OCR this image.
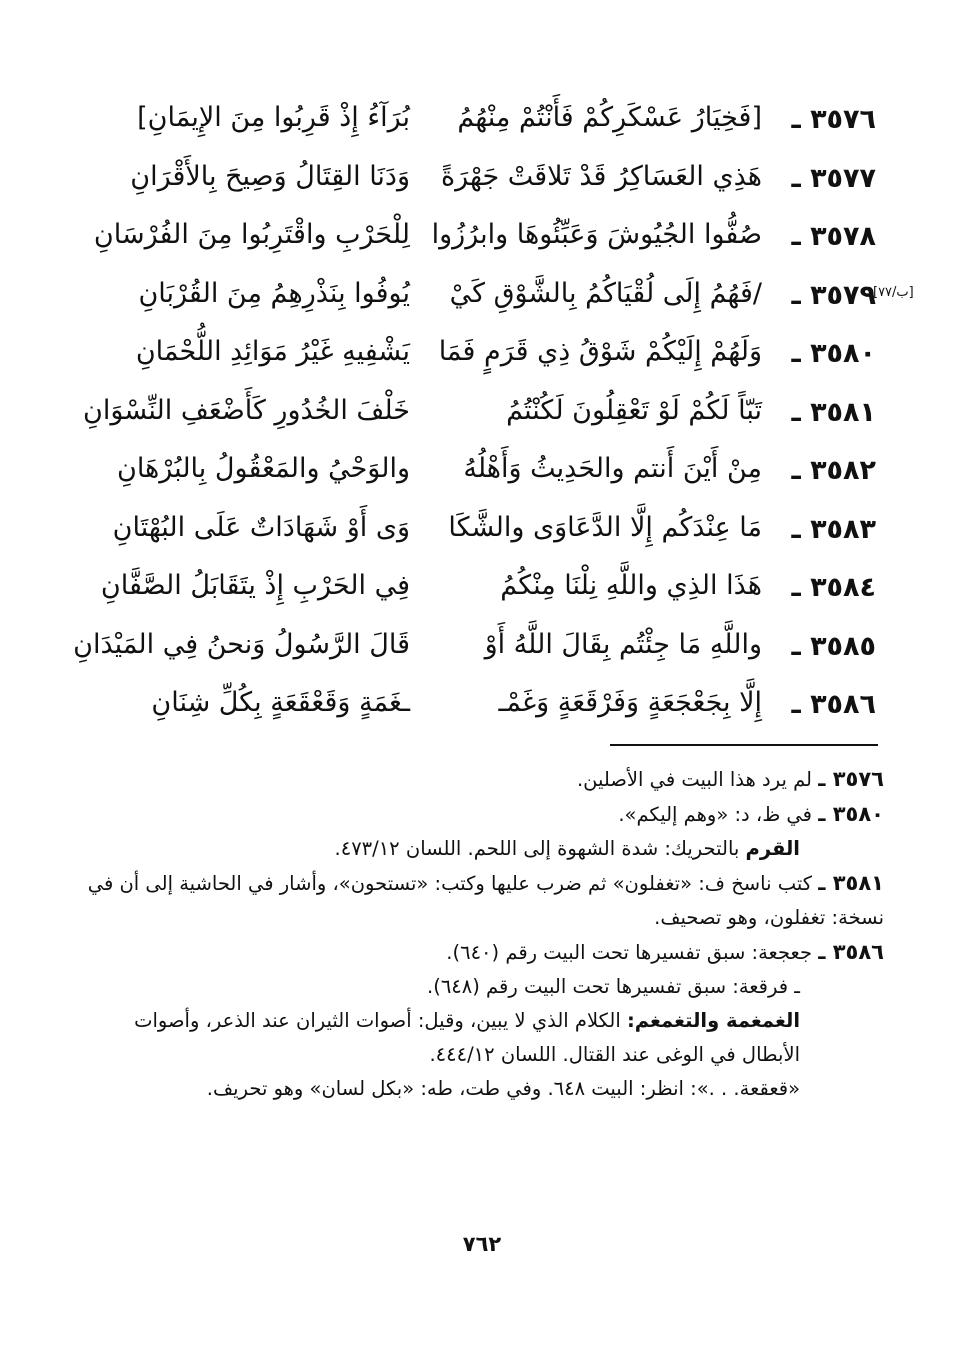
[۷۷/ب]
٣٥٧٦ ـ
[فَخِيَارُ عَسْكَرِكُمْ فَأَنْتُمْ مِنْهُمُ
بُرَآءُ إِذْ قَرِبُوا مِنَ الإِيمَانِ]
٣٥٧٧ ـ
هَذِي العَسَاكِرُ قَدْ تَلاقَتْ جَهْرَةً
وَدَنَا القِتَالُ وَصِيحَ بِالأَقْرَانِ
٣٥٧٨ ـ
صُفُّوا الجُيُوشَ وَعَبِّئُوهَا وابرُزُوا
لِلْحَرْبِ واقْتَرِبُوا مِنَ الفُرْسَانِ
٣٥٧٩ ـ
/فَهُمُ إِلَى لُقْيَاكُمُ بِالشَّوْقِ كَيْ
يُوفُوا بِنَذْرِهِمُ مِنَ القُرْبَانِ
٣٥٨٠ ـ
وَلَهُمْ إِلَيْكُمْ شَوْقُ ذِي قَرَمٍ فَمَا
يَشْفِيهِ غَيْرُ مَوَائِدِ اللُّحْمَانِ
٣٥٨١ ـ
تَبّاً لَكُمْ لَوْ تَعْقِلُونَ لَكُنْتُمُ
خَلْفَ الخُدُورِ كَأَضْعَفِ النِّسْوَانِ
٣٥٨٢ ـ
مِنْ أَيْنَ أَنتم والحَدِيثُ وَأَهْلُهُ
والوَحْيُ والمَعْقُولُ بِالبُرْهَانِ
٣٥٨٣ ـ
مَا عِنْدَكُم إِلَّا الدَّعَاوَى والشَّكَا
وَى أَوْ شَهَادَاتٌ عَلَى البُهْتَانِ
٣٥٨٤ ـ
هَذَا الذِي واللَّهِ نِلْنَا مِنْكُمُ
فِي الحَرْبِ إِذْ يتَقَابَلُ الصَّفَّانِ
٣٥٨٥ ـ
واللَّهِ مَا جِئْتُم بِقَالَ اللَّهُ أَوْ
قَالَ الرَّسُولُ وَنحنُ فِي المَيْدَانِ
٣٥٨٦ ـ
إِلَّا بِجَعْجَعَةٍ وَفَرْقَعَةٍ وَغَمْـ
ـغَمَةٍ وَقَعْقَعَةٍ بِكُلِّ شِنَانِ

٣٥٧٦ ـ لم يرد هذا البيت في الأصلين.

٣٥٨٠ ـ في ظ، د: «وهم إليكم».

القرم بالتحريك: شدة الشهوة إلى اللحم. اللسان ٤٧٣/١٢.

٣٥٨١ ـ كتب ناسخ ف: «تغفلون» ثم ضرب عليها وكتب: «تستحون»، وأشار في الحاشية إلى أن في نسخة: تغفلون، وهو تصحيف.

٣٥٨٦ ـ جعجعة: سبق تفسيرها تحت البيت رقم (٦٤٠).

ـ فرقعة: سبق تفسيرها تحت البيت رقم (٦٤٨).

الغمغمة والتغمغم: الكلام الذي لا يبين، وقيل: أصوات الثيران عند الذعر، وأصوات الأبطال في الوغى عند القتال. اللسان ٤٤٤/١٢.

«قعقعة. . .»: انظر: البيت ٦٤٨. وفي طت، طه: «بكل لسان» وهو تحريف.

٧٦٢
